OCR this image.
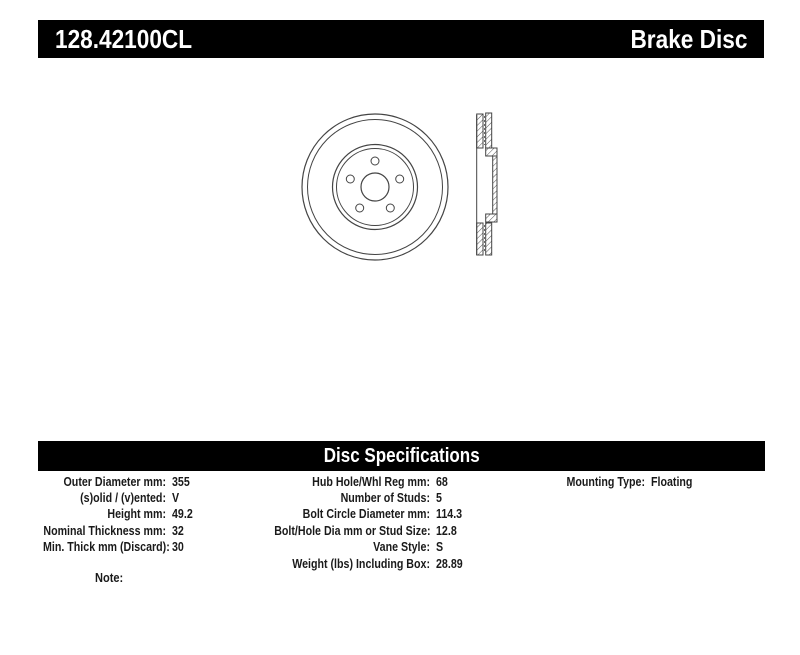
128.42100CL	Brake Disc
Disc Specifications
Outer Diameter mm: 355
(s)olid / (v)ented: V
Height mm: 49.2
Nominal Thickness mm: 32
Min. Thick mm (Discard): 30
Hub Hole/Whl Reg mm: 68
Number of Studs: 5
Bolt Circle Diameter mm: 114.3
Bolt/Hole Dia mm or Stud Size: 12.8
Vane Style: S
Weight (lbs) Including Box: 28.89
Mounting Type: Floating
Note:
